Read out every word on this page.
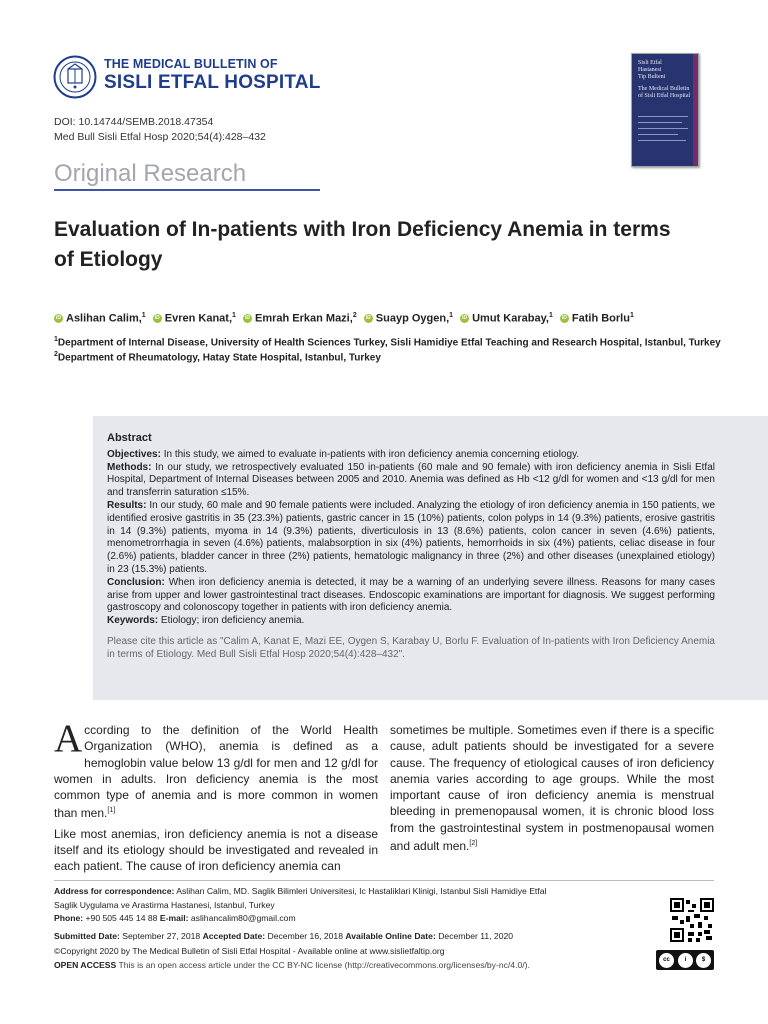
THE MEDICAL BULLETIN OF
SISLI ETFAL HOSPITAL
DOI: 10.14744/SEMB.2018.47354
Med Bull Sisli Etfal Hosp 2020;54(4):428–432
Sisli Etfal
Hastanesi
Tip Bulteni
The Medical Bulletin
of Sisli Etfal Hospital
Original Research
Evaluation of In-patients with Iron Deficiency Anemia in terms of Etiology
iD Aslihan Calim,$^1$ iD Evren Kanat,$^1$ iD Emrah Erkan Mazi,$^2$ iD Suayp Oygen,$^1$ iD Umut Karabay,$^1$ iD Fatih Borlu$^1$
$^1$Department of Internal Disease, University of Health Sciences Turkey, Sisli Hamidiye Etfal Teaching and Research Hospital, Istanbul, Turkey
$^2$Department of Rheumatology, Hatay State Hospital, Istanbul, Turkey

Abstract

Objectives: In this study, we aimed to evaluate in-patients with iron deficiency anemia concerning etiology.

Methods: In our study, we retrospectively evaluated 150 in-patients (60 male and 90 female) with iron deficiency anemia in Sisli Etfal Hospital, Department of Internal Diseases between 2005 and 2010. Anemia was defined as Hb <12 g/dl for women and <13 g/dl for men and transferrin saturation ≤15%.

Results: In our study, 60 male and 90 female patients were included. Analyzing the etiology of iron deficiency anemia in 150 patients, we identified erosive gastritis in 35 (23.3%) patients, gastric cancer in 15 (10%) patients, colon polyps in 14 (9.3%) patients, erosive gastritis in 14 (9.3%) patients, myoma in 14 (9.3%) patients, diverticulosis in 13 (8.6%) patients, colon cancer in seven (4.6%) patients, menometrorrhagia in seven (4.6%) patients, malabsorption in six (4%) patients, hemorrhoids in six (4%) patients, celiac disease in four (2.6%) patients, bladder cancer in three (2%) patients, hematologic malignancy in three (2%) and other diseases (unexplained etiology) in 23 (15.3%) patients.

Conclusion: When iron deficiency anemia is detected, it may be a warning of an underlying severe illness. Reasons for many cases arise from upper and lower gastrointestinal tract diseases. Endoscopic examinations are important for diagnosis. We suggest performing gastroscopy and colonoscopy together in patients with iron deficiency anemia.

Keywords: Etiology; iron deficiency anemia.

Please cite this article as "Calim A, Kanat E, Mazi EE, Oygen S, Karabay U, Borlu F. Evaluation of In-patients with Iron Deficiency Anemia in terms of Etiology. Med Bull Sisli Etfal Hosp 2020;54(4):428–432".

According to the definition of the World Health Organization (WHO), anemia is defined as a hemoglobin value below 13 g/dl for men and 12 g/dl for women in adults. Iron deficiency anemia is the most common type of anemia and is more common in women than men.[1]

Like most anemias, iron deficiency anemia is not a disease itself and its etiology should be investigated and revealed in each patient. The cause of iron deficiency anemia can

sometimes be multiple. Sometimes even if there is a specific cause, adult patients should be investigated for a severe cause. The frequency of etiological causes of iron deficiency anemia varies according to age groups. While the most important cause of iron deficiency anemia is menstrual bleeding in premenopausal women, it is chronic blood loss from the gastrointestinal system in postmenopausal women and adult men.[2]

Address for correspondence: Aslihan Calim, MD. Saglik Bilimleri Universitesi, Ic Hastaliklari Klinigi, Istanbul Sisli Hamidiye Etfal
Saglik Uygulama ve Arastirma Hastanesi, Istanbul, Turkey
Phone: +90 505 445 14 88 E-mail: aslihancalim80@gmail.com
Submitted Date: September 27, 2018 Accepted Date: December 16, 2018 Available Online Date: December 11, 2020
©Copyright 2020 by The Medical Bulletin of Sisli Etfal Hospital - Available online at www.sislietfaltip.org
OPEN ACCESS This is an open access article under the CC BY-NC license (http://creativecommons.org/licenses/by-nc/4.0/).	cc	i	$
